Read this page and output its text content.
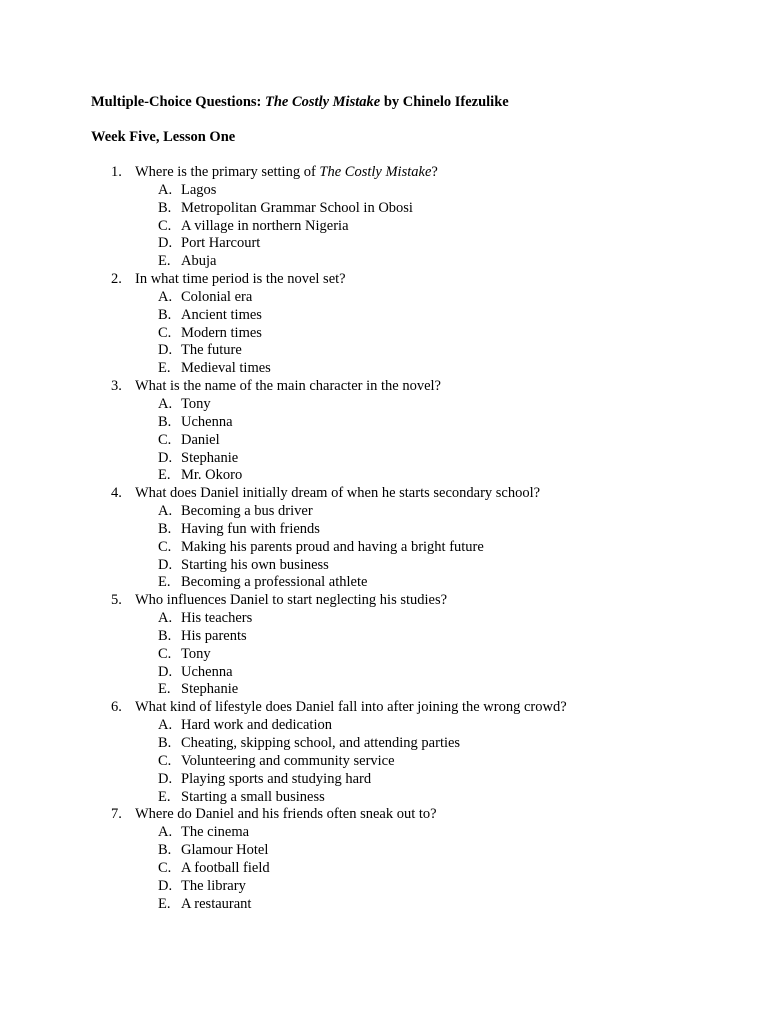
Multiple-Choice Questions: The Costly Mistake by Chinelo Ifezulike
Week Five, Lesson One
1. Where is the primary setting of The Costly Mistake?
A. Lagos
B. Metropolitan Grammar School in Obosi
C. A village in northern Nigeria
D. Port Harcourt
E. Abuja
2. In what time period is the novel set?
A. Colonial era
B. Ancient times
C. Modern times
D. The future
E. Medieval times
3. What is the name of the main character in the novel?
A. Tony
B. Uchenna
C. Daniel
D. Stephanie
E. Mr. Okoro
4. What does Daniel initially dream of when he starts secondary school?
A. Becoming a bus driver
B. Having fun with friends
C. Making his parents proud and having a bright future
D. Starting his own business
E. Becoming a professional athlete
5. Who influences Daniel to start neglecting his studies?
A. His teachers
B. His parents
C. Tony
D. Uchenna
E. Stephanie
6. What kind of lifestyle does Daniel fall into after joining the wrong crowd?
A. Hard work and dedication
B. Cheating, skipping school, and attending parties
C. Volunteering and community service
D. Playing sports and studying hard
E. Starting a small business
7. Where do Daniel and his friends often sneak out to?
A. The cinema
B. Glamour Hotel
C. A football field
D. The library
E. A restaurant
